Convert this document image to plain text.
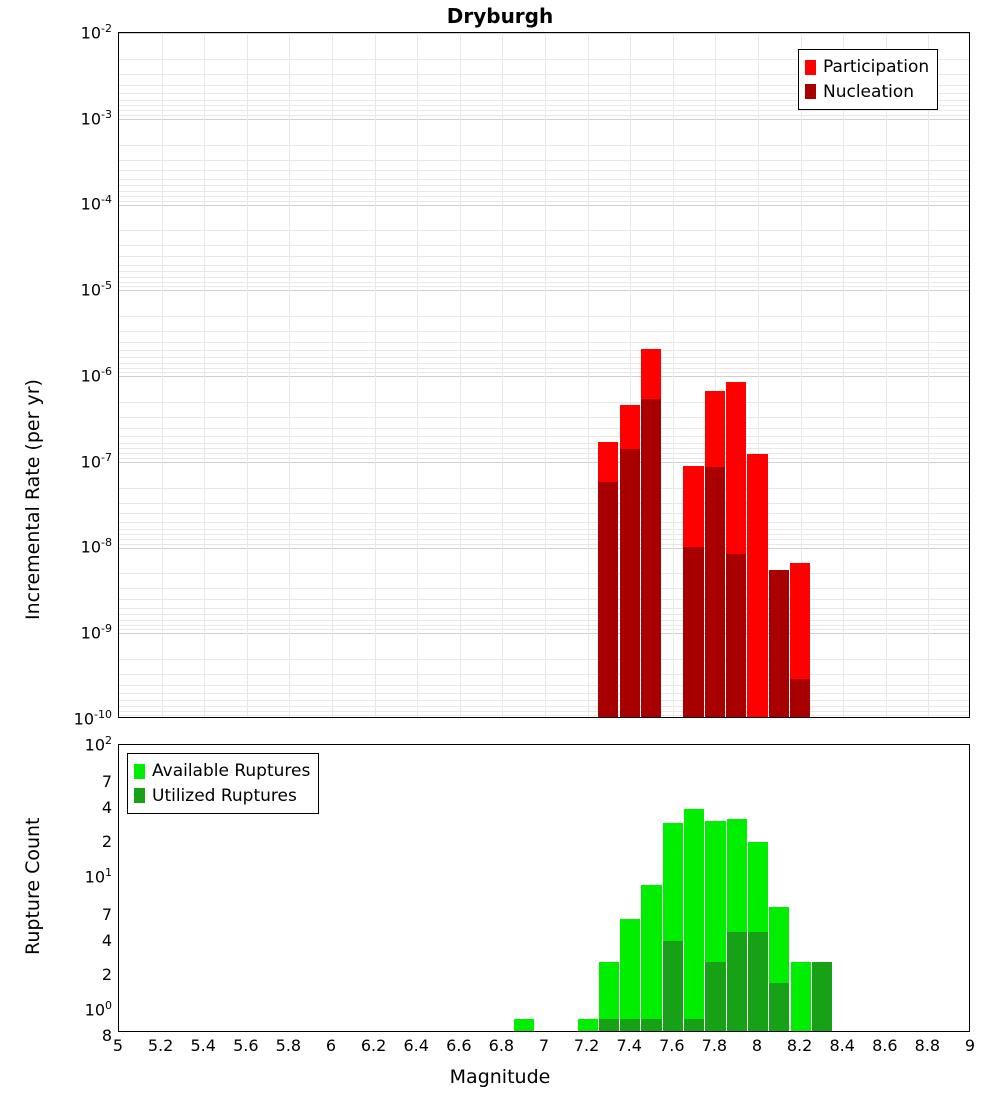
Dryburgh
Participation
Nucleation
$10^{-2}$
$10^{-3}$
$10^{-4}$
$10^{-5}$
$10^{-6}$
$10^{-7}$
$10^{-8}$
$10^{-9}$
$10^{-10}$
Incremental Rate (per yr)
Available Ruptures
Utilized Ruptures
$10^2$
7
4
2
$10^1$
7
4
2
$10^0$
8
Rupture Count
5	5.2	5.4	5.6	5.8	6	6.2	6.4	6.6	6.8	7	7.2	7.4	7.6	7.8	8	8.2	8.4	8.6	8.8	9
Magnitude
